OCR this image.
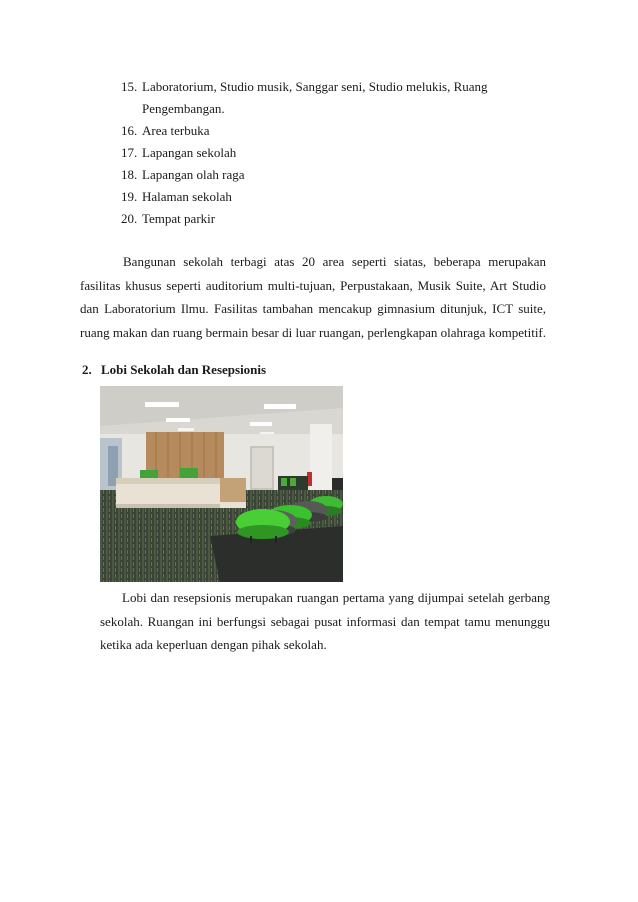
15. Laboratorium, Studio musik, Sanggar seni, Studio melukis, Ruang Pengembangan.
16. Area terbuka
17. Lapangan sekolah
18. Lapangan olah raga
19. Halaman sekolah
20. Tempat parkir

Bangunan sekolah terbagi atas 20 area seperti siatas, beberapa merupakan fasilitas khusus seperti auditorium multi-tujuan, Perpustakaan, Musik Suite, Art Studio dan Laboratorium Ilmu. Fasilitas tambahan mencakup gimnasium ditunjuk, ICT suite, ruang makan dan ruang bermain besar di luar ruangan, perlengkapan olahraga kompetitif.

2. Lobi Sekolah dan Resepsionis

Lobi dan resepsionis merupakan ruangan pertama yang dijumpai setelah gerbang sekolah. Ruangan ini berfungsi sebagai pusat informasi dan tempat tamu menunggu ketika ada keperluan dengan pihak sekolah.
